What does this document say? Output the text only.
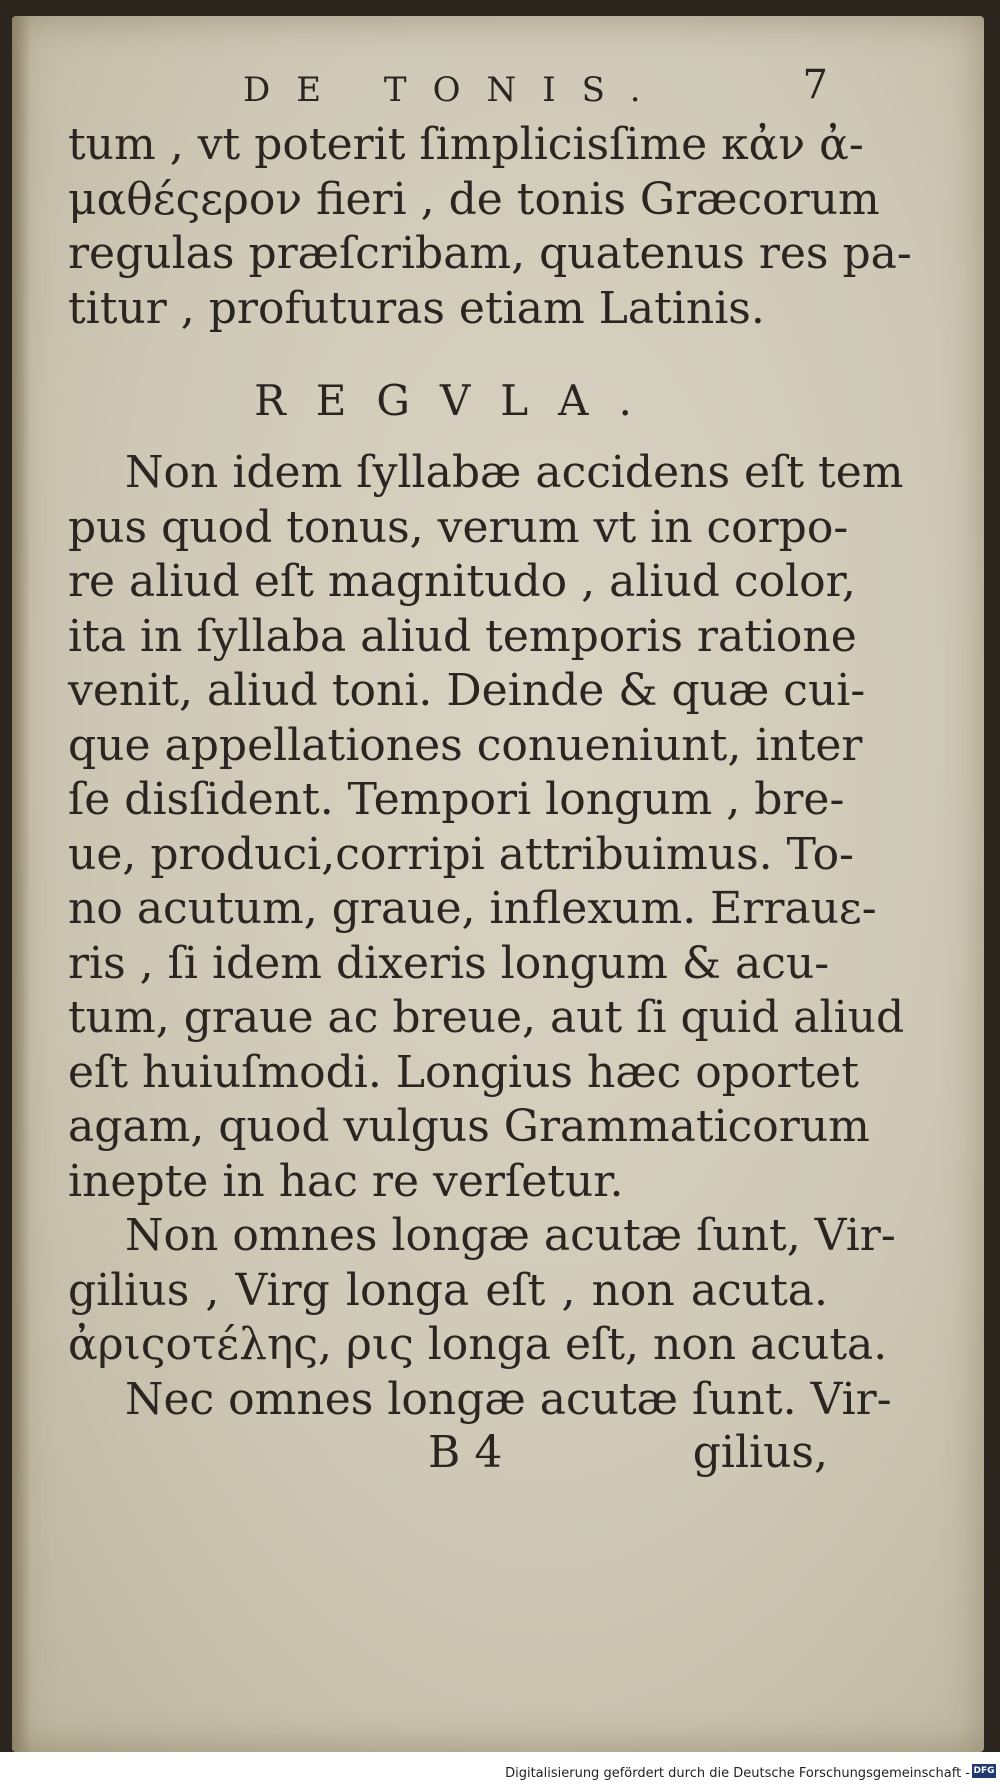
DE TONIS.	7
tum , vt poterit ſimplicisſime κἀν ἀ-
μαθέςερον fieri , de tonis Græcorum
regulas præſcribam, quatenus res pa-
titur , profuturas etiam Latinis.
REGVLA.
Non idem ſyllabæ accidens eſt tem
pus quod tonus, verum vt in corpo-
re aliud eſt magnitudo , aliud color,
ita in ſyllaba aliud temporis ratione
venit, aliud toni. Deinde & quæ cui-
que appellationes conueniunt, inter
ſe disſident. Tempori longum , bre-
ue, produci,corripi attribuimus. To-
no acutum, graue, inflexum. Errauε-
ris , ſi idem dixeris longum & acu-
tum, graue ac breue, aut ſi quid aliud
eſt huiuſmodi. Longius hæc oportet
agam, quod vulgus Grammaticorum
inepte in hac re verſetur.
Non omnes longæ acutæ ſunt, Vir-
gilius , Virg longa eſt , non acuta.
ἀριςοτέλης, ρις longa eſt, non acuta.
Nec omnes longæ acutæ ſunt. Vir-
B 4	gilius,
Digitalisierung gefördert durch die Deutsche Forschungsgemeinschaft - DFG
